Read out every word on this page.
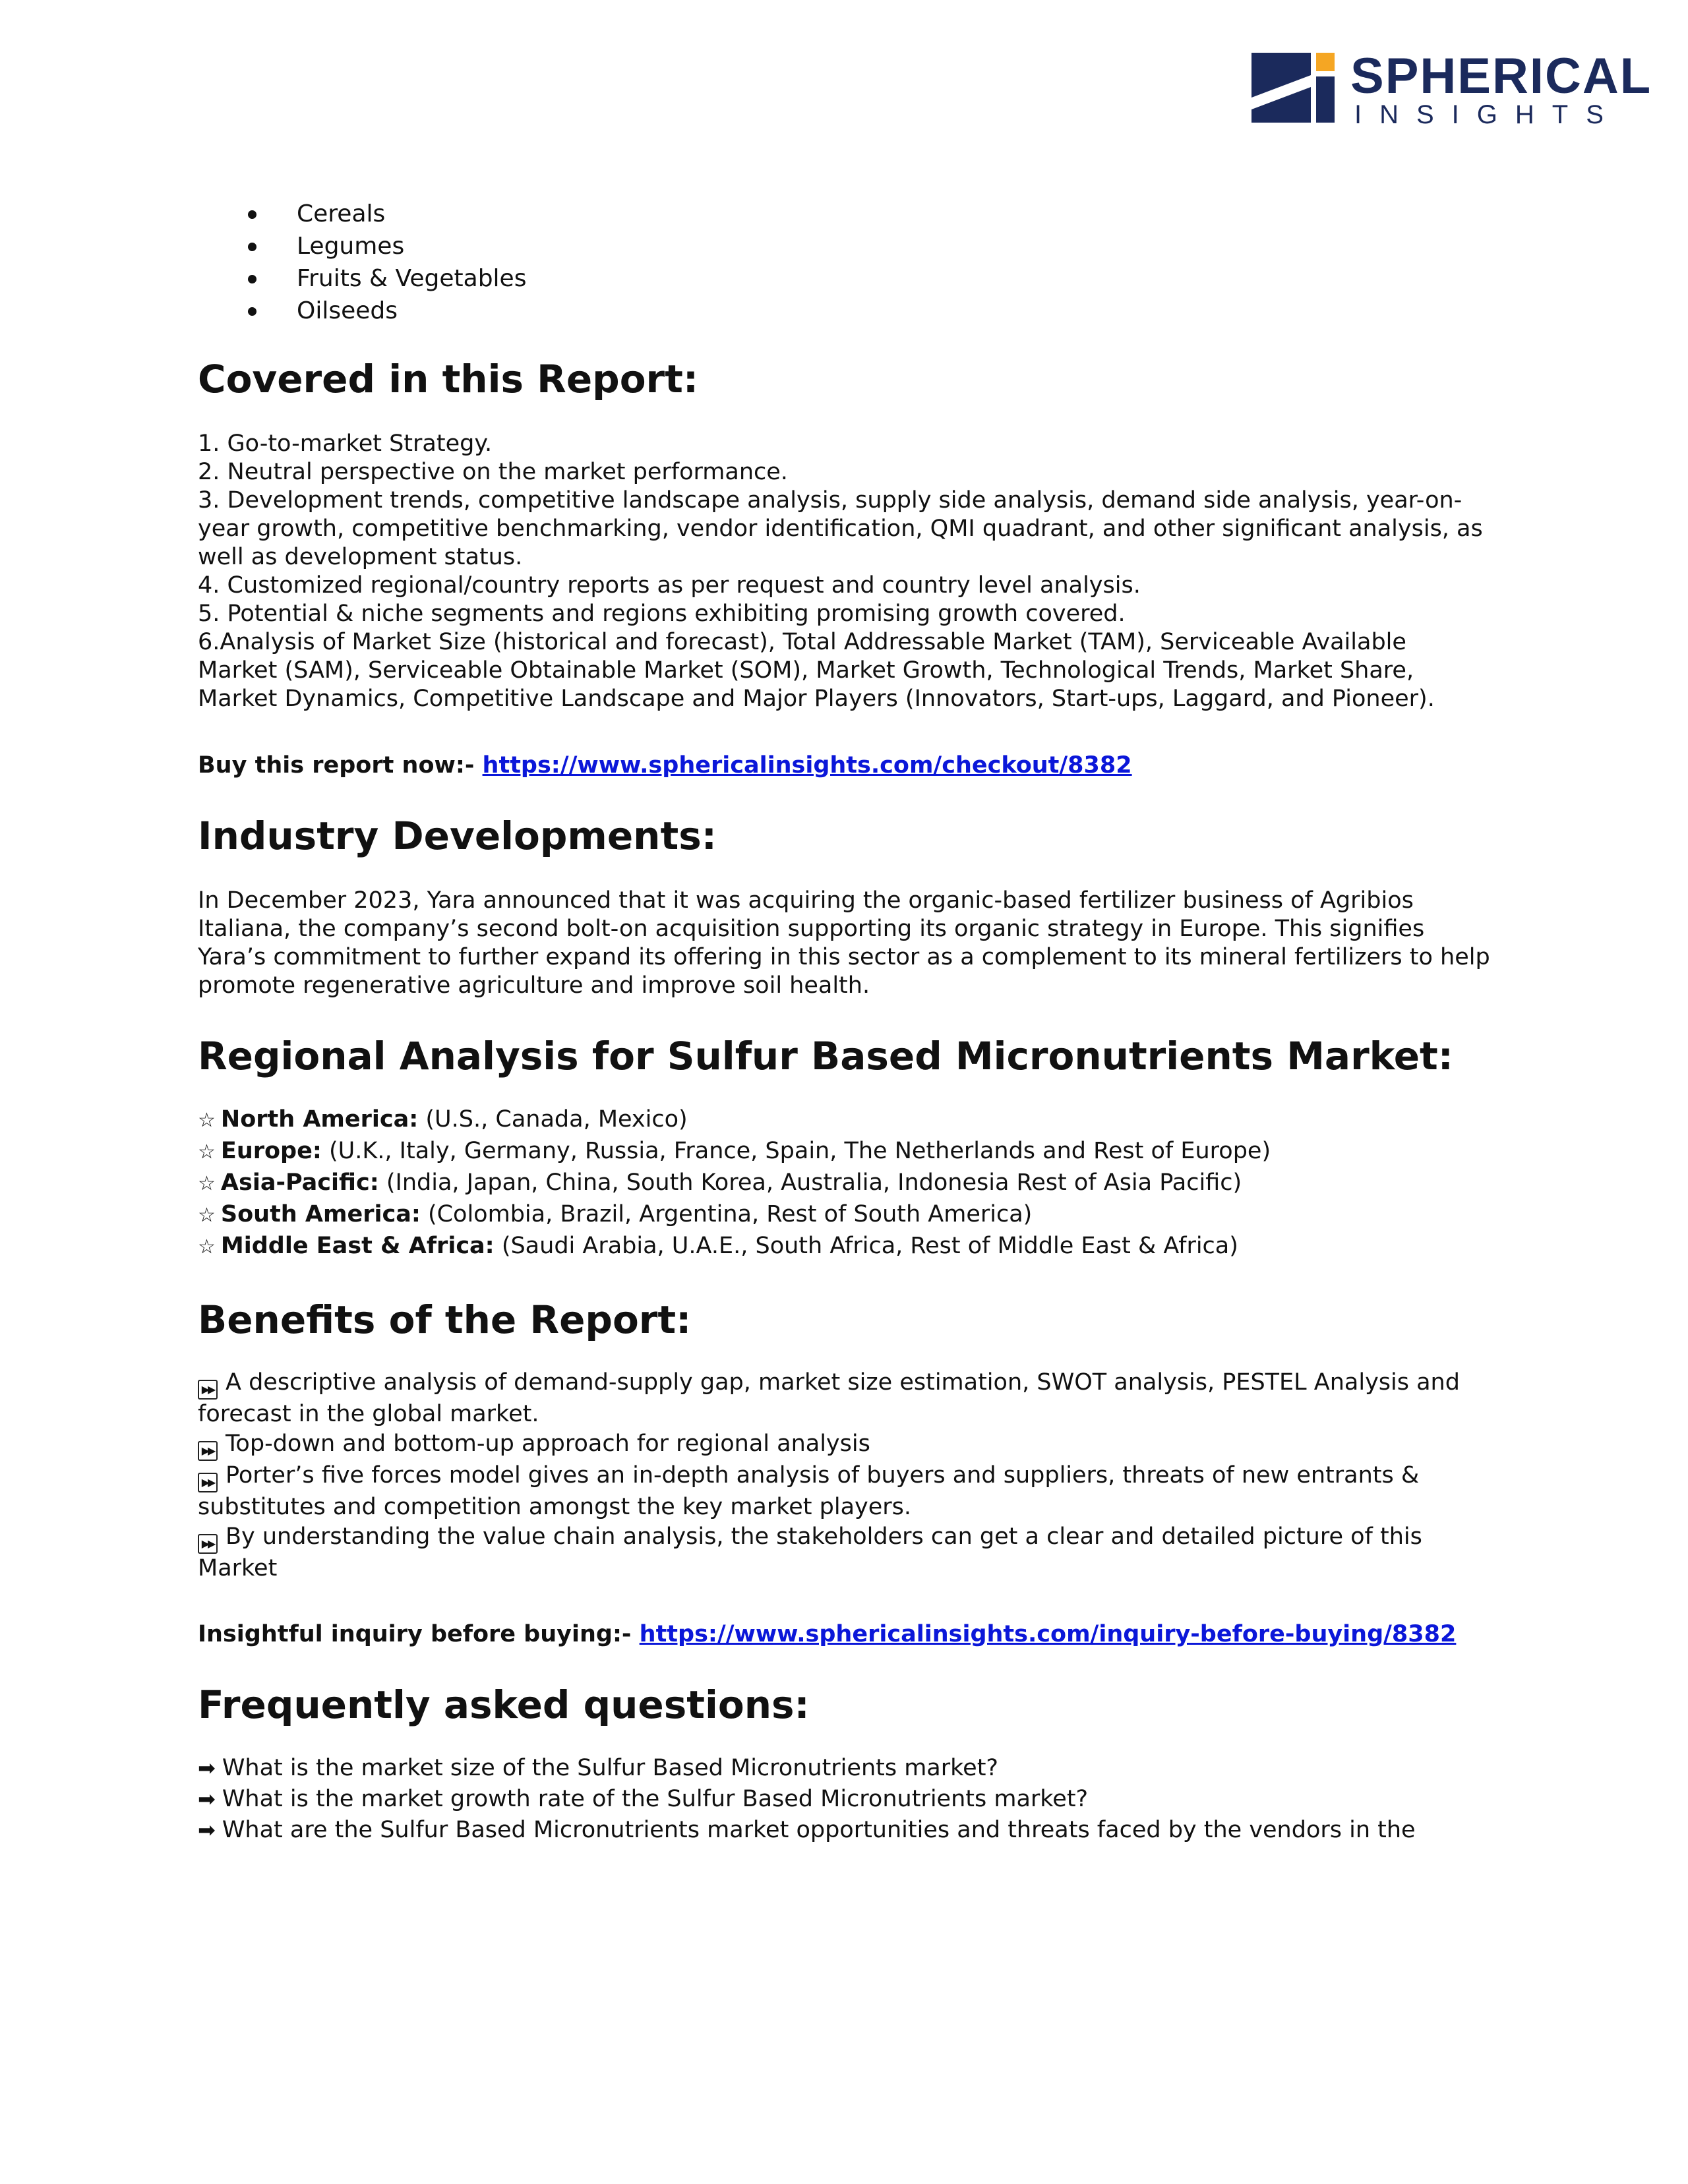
SPHERICAL
INSIGHTS
Cereals
Legumes
Fruits & Vegetables
Oilseeds
Covered in this Report:

1. Go-to-market Strategy.

2. Neutral perspective on the market performance.

3. Development trends, competitive landscape analysis, supply side analysis, demand side analysis, year-on-year growth, competitive benchmarking, vendor identification, QMI quadrant, and other significant analysis, as well as development status.

4. Customized regional/country reports as per request and country level analysis.

5. Potential & niche segments and regions exhibiting promising growth covered.

6.Analysis of Market Size (historical and forecast), Total Addressable Market (TAM), Serviceable Available Market (SAM), Serviceable Obtainable Market (SOM), Market Growth, Technological Trends, Market Share, Market Dynamics, Competitive Landscape and Major Players (Innovators, Start-ups, Laggard, and Pioneer).

Buy this report now:- https://www.sphericalinsights.com/checkout/8382

Industry Developments:

In December 2023, Yara announced that it was acquiring the organic-based fertilizer business of Agribios Italiana, the company’s second bolt-on acquisition supporting its organic strategy in Europe. This signifies Yara’s commitment to further expand its offering in this sector as a complement to its mineral fertilizers to help promote regenerative agriculture and improve soil health.

Regional Analysis for Sulfur Based Micronutrients Market:

☆ North America: (U.S., Canada, Mexico)

☆ Europe: (U.K., Italy, Germany, Russia, France, Spain, The Netherlands and Rest of Europe)

☆ Asia-Pacific: (India, Japan, China, South Korea, Australia, Indonesia Rest of Asia Pacific)

☆ South America: (Colombia, Brazil, Argentina, Rest of South America)

☆ Middle East & Africa: (Saudi Arabia, U.A.E., South Africa, Rest of Middle East & Africa)

Benefits of the Report:

▶▶ A descriptive analysis of demand-supply gap, market size estimation, SWOT analysis, PESTEL Analysis and forecast in the global market.

▶▶ Top-down and bottom-up approach for regional analysis

▶▶ Porter’s five forces model gives an in-depth analysis of buyers and suppliers, threats of new entrants & substitutes and competition amongst the key market players.

▶▶ By understanding the value chain analysis, the stakeholders can get a clear and detailed picture of this Market

Insightful inquiry before buying:- https://www.sphericalinsights.com/inquiry-before-buying/8382

Frequently asked questions:

➡ What is the market size of the Sulfur Based Micronutrients market?

➡ What is the market growth rate of the Sulfur Based Micronutrients market?

➡ What are the Sulfur Based Micronutrients market opportunities and threats faced by the vendors in the
